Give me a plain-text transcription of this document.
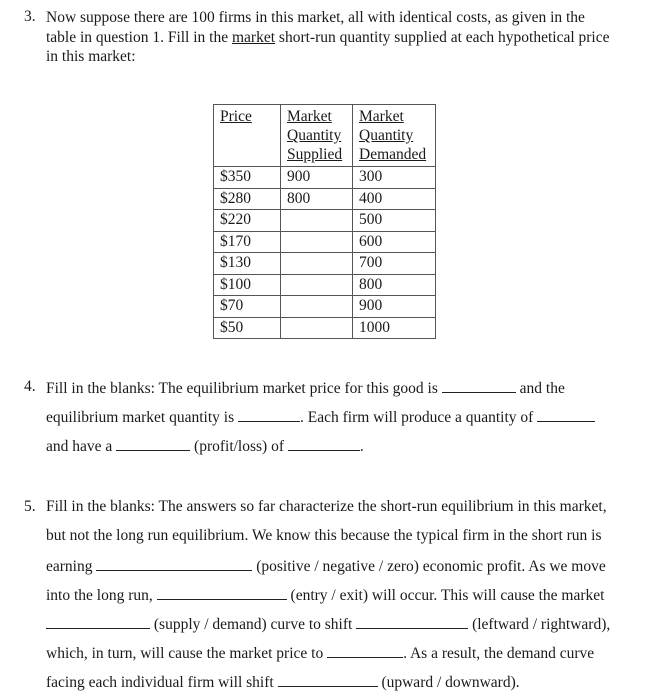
3. Now suppose there are 100 firms in this market, all with identical costs, as given in the
table in question 1. Fill in the market short-run quantity supplied at each hypothetical price
in this market:
Price	Market
Quantity
Supplied	Market
Quantity
Demanded

$350	900	300
$280	800	400
$220		500
$170		600
$130		700
$100		800
$70		900
$50		1000
4. Fill in the blanks: The equilibrium market price for this good is	and the
equilibrium market quantity is	. Each firm will produce a quantity of
and have a	(profit/loss) of	.
5. Fill in the blanks: The answers so far characterize the short-run equilibrium in this market,
but not the long run equilibrium. We know this because the typical firm in the short run is
earning	(positive / negative / zero) economic profit. As we move
into the long run,	(entry / exit) will occur. This will cause the market
(supply / demand) curve to shift	(leftward / rightward),
which, in turn, will cause the market price to	. As a result, the demand curve
facing each individual firm will shift	(upward / downward).
